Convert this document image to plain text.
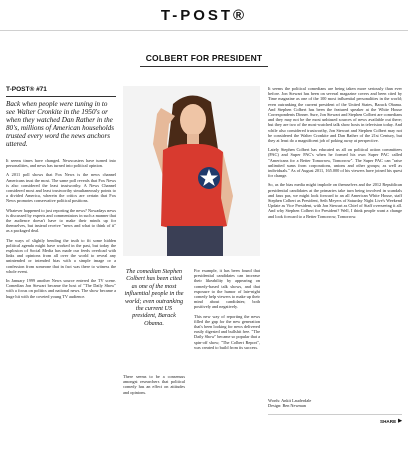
T-POST®
COLBERT FOR PRESIDENT
T-POST® #71

Back when people were tuning in to see Walter Cronkite in the 1950's or when they watched Dan Rather in the 80's, millions of American households trusted every word the news anchors uttered.

It seems times have changed. Newscasters have turned into personalities, and news has turned into political opinion.

A 2011 poll shows that Fox News is the news channel Americans trust the most. The same poll reveals that Fox News is also considered the least trustworthy. A News Channel considered most and least trustworthy simultaneously points to a divided America, wherein the critics are certain that Fox News promotes conservative political positions.

Whatever happened to just reporting the news? Nowadays news is discussed by experts and commentators in such a manner that the audience doesn't have to make their minds up for themselves, but instead receive "news and what to think of it" as a packaged deal.

The ways of slightly bending the truth to fit some hidden political agenda might have worked in the past, but today the explosion of Social Media has made our feeds overload with links and opinions from all over the world to reveal any unintended or intended bias with a simple image or a confession from someone that in fact was there to witness the whole event.

In January 1999 another News source entered the TV scene. Comedian Jon Stewart became the host of "The Daily Show" with a focus on politics and national news. The show became a huge hit with the coveted young TV audience.

The comedian Stephen Colbert has been cited as one of the most influential people in the world; even outranking the current US president, Barack Obama.

There seems to be a consensus amongst researchers that political comedy has an effect on attitudes and opinions.

For example, it has been found that presidential candidates can increase their likeability by appearing on comedy-based talk shows, and that exposure to the humor of late-night comedy help viewers to make up their mind about candidates; both positively and negatively.

This new way of reporting the news filled the gap for the new generation that's been looking for news delivered easily digested and bullshit free. "The Daily Show" became so popular that a spin-off show; "The Colbert Report", was created to build from its success.

It seems the political comedians are being taken more seriously than ever before. Jon Stewart has been on several magazine covers and been cited by Time magazine as one of the 100 most influential personalities in the world; even outranking the current president of the United States, Barack Obama. And Stephen Colbert has been the featured speaker at the White House Correspondents Dinner. Sure, Jon Stewart and Stephen Colbert are comedians and they may not be the most unbiased sources of news available out there; but they are two of the most-watched talk show hosts in television today. And while also considered trustworthy, Jon Stewart and Stephen Colbert may not be considered the Walter Cronkite and Dan Rather of the 21st Century, but they at least do a magnificent job of poking away at perspective.

Lately Stephen Colbert has educated us all on political action committees (PAC) and Super PAC's when he formed his own Super PAC called "Americans for a Better Tomorrow, Tomorrow". The Super PAC can "raise unlimited sums from corporations, unions and other groups; as well as individuals." As of August 2011, 165.000 of his viewers have joined his quest for change.

So, as the bias media might implode on themselves and the 2012 Republican presidential candidates at the primaries take turn being involved in scandals and faux pas, we might look forward to an all American White House, staff Stephen Colbert as President, Seth Meyers of Saturday Night Live's Weekend Update as Vice President, with Jon Stewart as Chief of Staff overseeing it all. And why Stephen Colbert for President? Well, I think people want a change and look forward to a Better Tomorrow, Tomorrow.

Words: Ankit Lauderdale
Design: Ben Newman
SHARE ▶
